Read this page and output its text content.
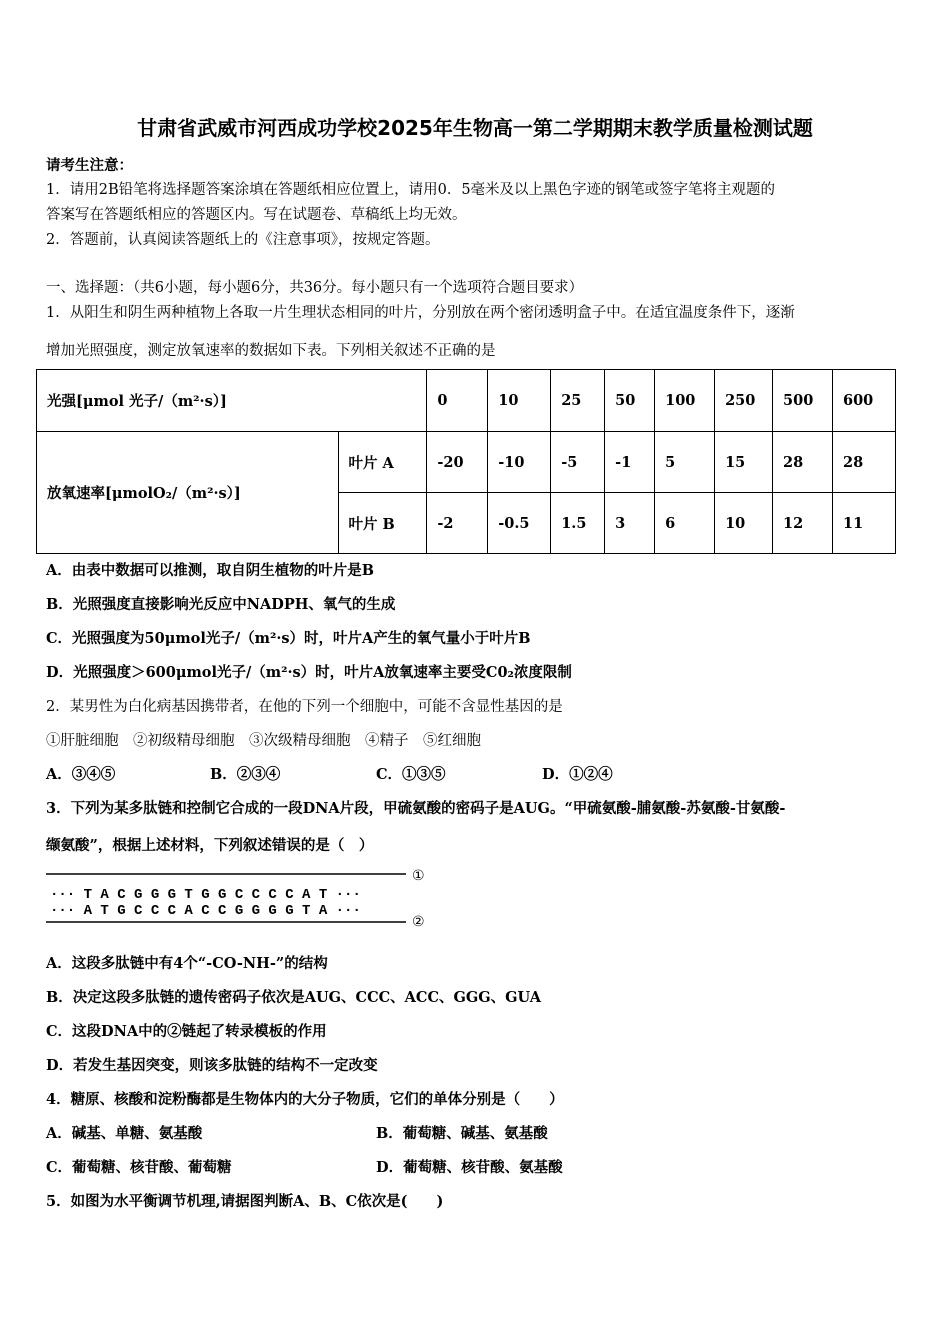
甘肃省武威市河西成功学校2025年生物高一第二学期期末教学质量检测试题
请考生注意：
1．请用2B铅笔将选择题答案涂填在答题纸相应位置上，请用0．5毫米及以上黑色字迹的钢笔或签字笔将主观题的
答案写在答题纸相应的答题区内。写在试题卷、草稿纸上均无效。
2．答题前，认真阅读答题纸上的《注意事项》，按规定答题。
一、选择题：（共6小题，每小题6分，共36分。每小题只有一个选项符合题目要求）
1．从阳生和阴生两种植物上各取一片生理状态相同的叶片，分别放在两个密闭透明盒子中。在适宜温度条件下，逐渐
增加光照强度，测定放氧速率的数据如下表。下列相关叙述不正确的是
光强[μmol 光子/（m²·s）]		0	10	25	50	100	250	500	600
放氧速率[μmolO₂/（m²·s）]	叶片 A	-20	-10	-5	-1	5	15	28	28
	叶片 B	-2	-0.5	1.5	3	6	10	12	11
A．由表中数据可以推测，取自阴生植物的叶片是B
B．光照强度直接影响光反应中NADPH、氧气的生成
C．光照强度为50μmol光子/（m²·s）时，叶片A产生的氧气量小于叶片B
D．光照强度＞600μmol光子/（m²·s）时，叶片A放氧速率主要受C0₂浓度限制
2．某男性为白化病基因携带者，在他的下列一个细胞中，可能不含显性基因的是
①肝脏细胞　②初级精母细胞　③次级精母细胞　④精子　⑤红细胞
A．③④⑤	B．②③④	C．①③⑤	D．①②④
3．下列为某多肽链和控制它合成的一段DNA片段，甲硫氨酸的密码子是AUG。“甲硫氨酸-脯氨酸-苏氨酸-甘氨酸-
缬氨酸”，根据上述材料，下列叙述错误的是（　）
··· T A C G G G T G G C C C C A T ···
··· A T G C C C A C C G G G G T A ···
①
②
A．这段多肽链中有4个“-CO-NH-”的结构
B．决定这段多肽链的遗传密码子依次是AUG、CCC、ACC、GGG、GUA
C．这段DNA中的②链起了转录模板的作用
D．若发生基因突变，则该多肽链的结构不一定改变
4．糖原、核酸和淀粉酶都是生物体内的大分子物质，它们的单体分别是（　　）
A．碱基、单糖、氨基酸	B．葡萄糖、碱基、氨基酸
C．葡萄糖、核苷酸、葡萄糖	D．葡萄糖、核苷酸、氨基酸
5．如图为水平衡调节机理,请据图判断A、B、C依次是(　　)
